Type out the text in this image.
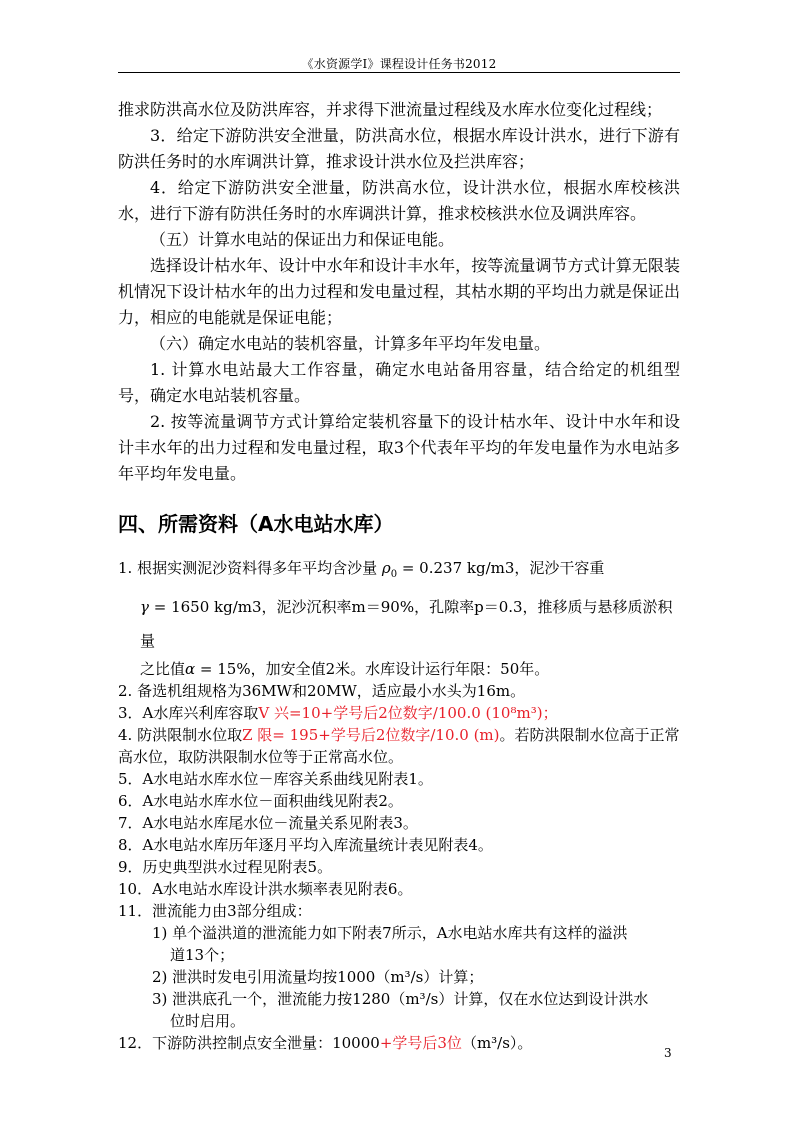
《水资源学I》课程设计任务书2012

推求防洪高水位及防洪库容，并求得下泄流量过程线及水库水位变化过程线；

3．给定下游防洪安全泄量，防洪高水位，根据水库设计洪水，进行下游有防洪任务时的水库调洪计算，推求设计洪水位及拦洪库容；

4．给定下游防洪安全泄量，防洪高水位，设计洪水位，根据水库校核洪水，进行下游有防洪任务时的水库调洪计算，推求校核洪水位及调洪库容。

（五）计算水电站的保证出力和保证电能。

选择设计枯水年、设计中水年和设计丰水年，按等流量调节方式计算无限装机情况下设计枯水年的出力过程和发电量过程，其枯水期的平均出力就是保证出力，相应的电能就是保证电能；

（六）确定水电站的装机容量，计算多年平均年发电量。

1. 计算水电站最大工作容量，确定水电站备用容量，结合给定的机组型号，确定水电站装机容量。

2. 按等流量调节方式计算给定装机容量下的设计枯水年、设计中水年和设计丰水年的出力过程和发电量过程，取3个代表年平均的年发电量作为水电站多年平均年发电量。

四、所需资料（A水电站水库）

1. 根据实测泥沙资料得多年平均含沙量 $\rho_0 = 0.237$ kg/m3，泥沙干容重

γ = 1650 kg/m3，泥沙沉积率m＝90%，孔隙率p＝0.3，推移质与悬移质淤积量

之比值α = 15%，加安全值2米。水库设计运行年限：50年。

2. 备选机组规格为36MW和20MW，适应最小水头为16m。

3．A水库兴利库容取V 兴=10+学号后2位数字/100.0 (10⁸m³)；

4. 防洪限制水位取Z 限= 195+学号后2位数字/10.0 (m)。若防洪限制水位高于正常高水位，取防洪限制水位等于正常高水位。

5．A水电站水库水位－库容关系曲线见附表1。

6．A水电站水库水位－面积曲线见附表2。

7．A水电站水库尾水位－流量关系见附表3。

8．A水电站水库历年逐月平均入库流量统计表见附表4。

9．历史典型洪水过程见附表5。

10．A水电站水库设计洪水频率表见附表6。

11．泄流能力由3部分组成：

1) 单个溢洪道的泄流能力如下附表7所示，A水电站水库共有这样的溢洪

道13个；

2) 泄洪时发电引用流量均按1000（m³/s）计算；

3) 泄洪底孔一个，泄流能力按1280（m³/s）计算，仅在水位达到设计洪水

位时启用。

12．下游防洪控制点安全泄量：10000+学号后3位（m³/s）。

3
